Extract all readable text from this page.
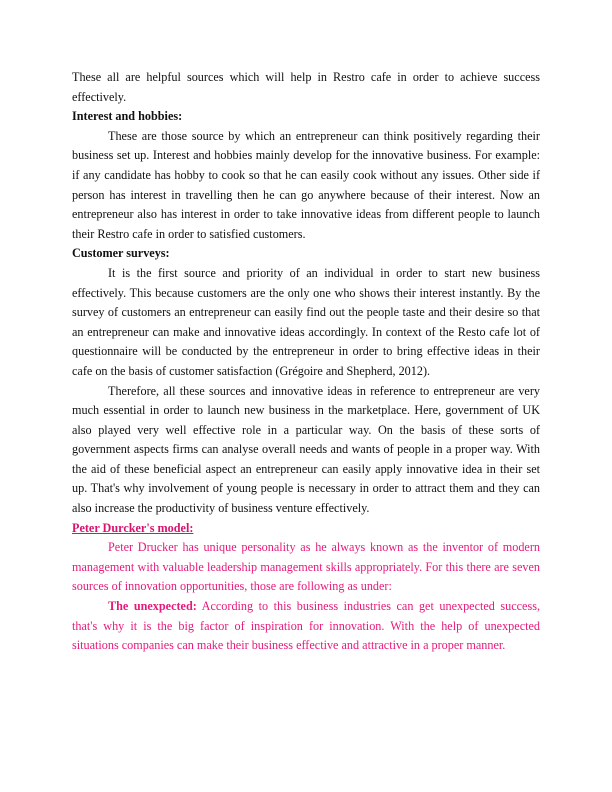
These all are helpful sources which will help in Restro cafe in order to achieve success effectively.

Interest and hobbies:

These are those source by which an entrepreneur can think positively regarding their business set up. Interest and hobbies mainly develop for the innovative business. For example: if any candidate has hobby to cook so that he can easily cook without any issues. Other side if person has interest in travelling then he can go anywhere because of their interest. Now an entrepreneur also has interest in order to take innovative ideas from different people to launch their Restro cafe in order to satisfied customers.

Customer surveys:

It is the first source and priority of an individual in order to start new business effectively. This because customers are the only one who shows their interest instantly. By the survey of customers an entrepreneur can easily find out the people taste and their desire so that an entrepreneur can make and innovative ideas accordingly. In context of the Resto cafe lot of questionnaire will be conducted by the entrepreneur in order to bring effective ideas in their cafe on the basis of customer satisfaction (Grégoire and Shepherd, 2012).

Therefore, all these sources and innovative ideas in reference to entrepreneur are very much essential in order to launch new business in the marketplace. Here, government of UK also played very well effective role in a particular way. On the basis of these sorts of government aspects firms can analyse overall needs and wants of people in a proper way. With the aid of these beneficial aspect an entrepreneur can easily apply innovative idea in their set up. That's why involvement of young people is necessary in order to attract them and they can also increase the productivity of business venture effectively.

Peter Durcker's model:

Peter Drucker has unique personality as he always known as the inventor of modern management with valuable leadership management skills appropriately. For this there are seven sources of innovation opportunities, those are following as under:

The unexpected: According to this business industries can get unexpected success, that's why it is the big factor of inspiration for innovation. With the help of unexpected situations companies can make their business effective and attractive in a proper manner.
